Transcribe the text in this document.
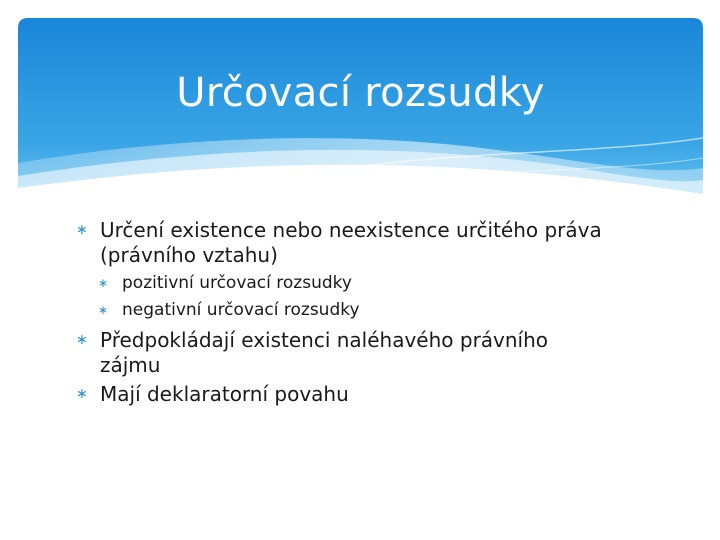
Určovací rozsudky
∗ Určení existence nebo neexistence určitého práva (právního vztahu)
∗ pozitivní určovací rozsudky
∗ negativní určovací rozsudky
∗ Předpokládají existenci naléhavého právního zájmu
∗ Mají deklaratorní povahu
